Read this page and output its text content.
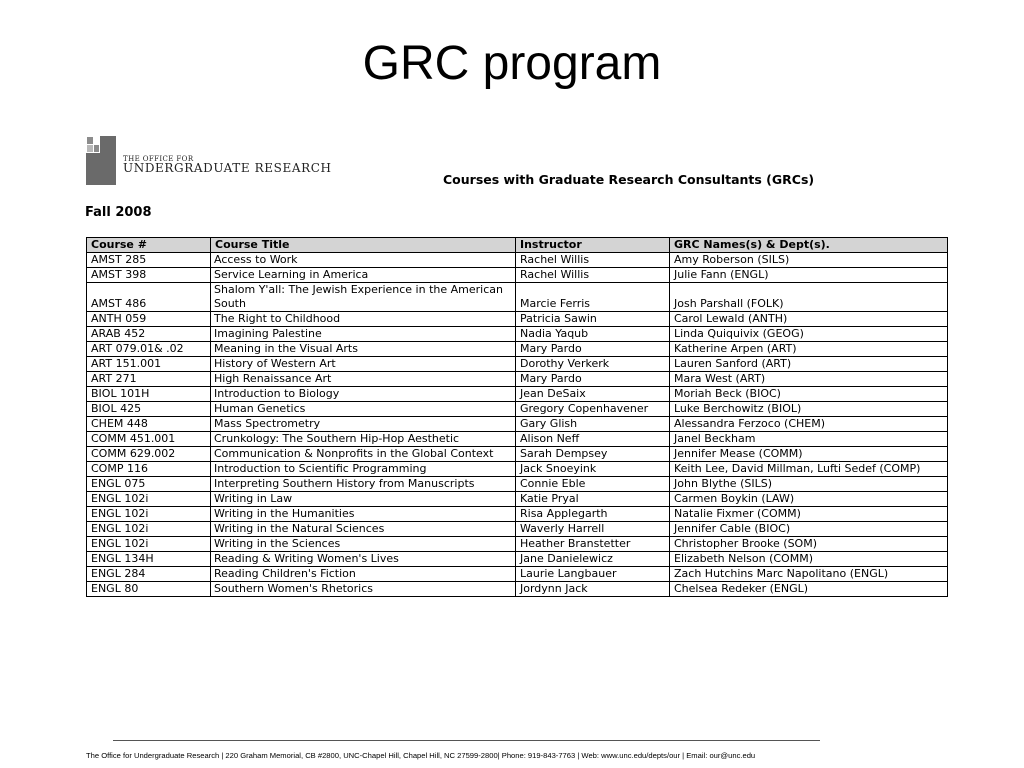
GRC program
THE OFFICE FOR
UNDERGRADUATE RESEARCH
Courses with Graduate Research Consultants (GRCs)
Fall 2008
Course #	Course Title	Instructor	GRC Names(s) & Dept(s).
AMST 285	Access to Work	Rachel Willis	Amy Roberson (SILS)
AMST 398	Service Learning in America	Rachel Willis	Julie Fann (ENGL)
AMST 486	Shalom Y'all: The Jewish Experience in the American South	Marcie Ferris	Josh Parshall (FOLK)
ANTH 059	The Right to Childhood	Patricia Sawin	Carol Lewald (ANTH)
ARAB 452	Imagining Palestine	Nadia Yaqub	Linda Quiquivix (GEOG)
ART 079.01& .02	Meaning in the Visual Arts	Mary Pardo	Katherine Arpen (ART)
ART 151.001	History of Western Art	Dorothy Verkerk	Lauren Sanford (ART)
ART 271	High Renaissance Art	Mary Pardo	Mara West (ART)
BIOL 101H	Introduction to Biology	Jean DeSaix	Moriah Beck (BIOC)
BIOL 425	Human Genetics	Gregory Copenhavener	Luke Berchowitz (BIOL)
CHEM 448	Mass Spectrometry	Gary Glish	Alessandra Ferzoco (CHEM)
COMM 451.001	Crunkology: The Southern Hip-Hop Aesthetic	Alison Neff	Janel Beckham
COMM 629.002	Communication & Nonprofits in the Global Context	Sarah Dempsey	Jennifer Mease (COMM)
COMP 116	Introduction to Scientific Programming	Jack Snoeyink	Keith Lee, David Millman, Lufti Sedef (COMP)
ENGL 075	Interpreting Southern History from Manuscripts	Connie Eble	John Blythe (SILS)
ENGL 102i	Writing in Law	Katie Pryal	Carmen Boykin (LAW)
ENGL 102i	Writing in the Humanities	Risa Applegarth	Natalie Fixmer (COMM)
ENGL 102i	Writing in the Natural Sciences	Waverly Harrell	Jennifer Cable (BIOC)
ENGL 102i	Writing in the Sciences	Heather Branstetter	Christopher Brooke (SOM)
ENGL 134H	Reading & Writing Women's Lives	Jane Danielewicz	Elizabeth Nelson (COMM)
ENGL 284	Reading Children's Fiction	Laurie Langbauer	Zach Hutchins Marc Napolitano (ENGL)
ENGL 80	Southern Women's Rhetorics	Jordynn Jack	Chelsea Redeker (ENGL)
The Office for Undergraduate Research | 220 Graham Memorial, CB #2800, UNC-Chapel Hill, Chapel Hill, NC 27599-2800| Phone: 919-843-7763 | Web: www.unc.edu/depts/our | Email: our@unc.edu
